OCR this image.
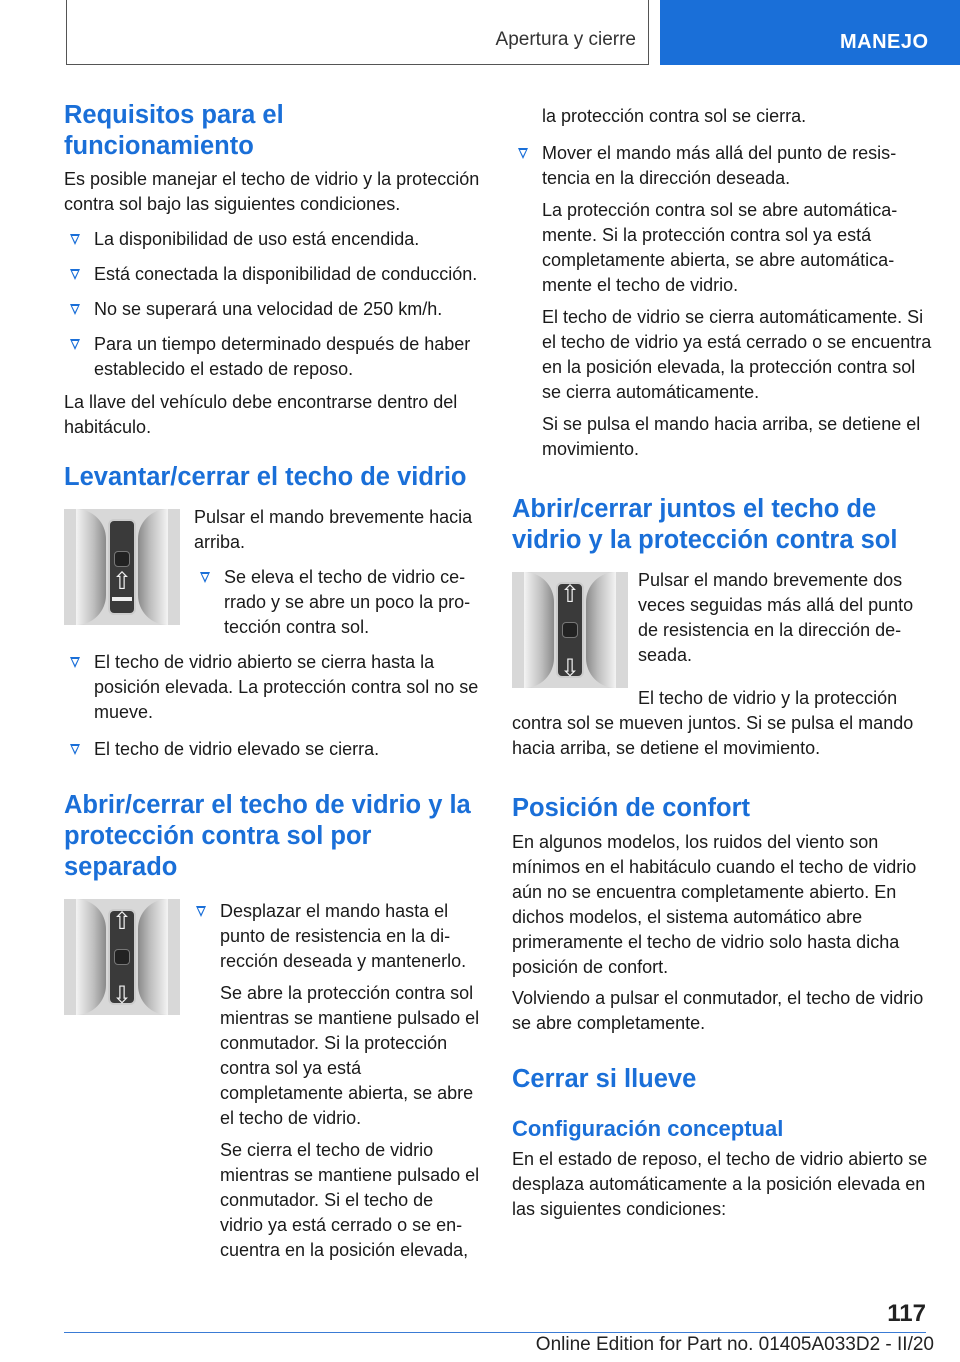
Apertura y cierre	MANEJO
Requisitos para el funcionamiento

Es posible manejar el techo de vidrio y la protección contra sol bajo las siguientes condiciones.

La disponibilidad de uso está encendida.
Está conectada la disponibilidad de conducción.
No se superará una velocidad de 250 km/h.
Para un tiempo determinado después de haber establecido el estado de reposo.

La llave del vehículo debe encontrarse dentro del habitáculo.

Levantar/cerrar el techo de vidrio
⇧

Pulsar el mando brevemente hacia arriba.

Se eleva el techo de vidrio cerrado y se abre un poco la protección contra sol.
El techo de vidrio abierto se cierra hasta la posición elevada. La protección contra sol no se mueve.
El techo de vidrio elevado se cierra.
Abrir/cerrar el techo de vidrio y la protección contra sol por separado
⇧
⇩
Desplazar el mando hasta el punto de resistencia en la dirección deseada y mantenerlo.
Se abre la protección contra sol mientras se mantiene pulsado el conmutador. Si la protección contra sol ya está completamente abierta, se abre el techo de vidrio.
Se cierra el techo de vidrio mientras se mantiene pulsado el conmutador. Si el techo de vidrio ya está cerrado o se encuentra en la posición elevada,
la protección contra sol se cierra.
Mover el mando más allá del punto de resistencia en la dirección deseada.
La protección contra sol se abre automáticamente. Si la protección contra sol ya está completamente abierta, se abre automáticamente el techo de vidrio.
El techo de vidrio se cierra automáticamente. Si el techo de vidrio ya está cerrado o se encuentra en la posición elevada, la protección contra sol se cierra automáticamente.
Si se pulsa el mando hacia arriba, se detiene el movimiento.
Abrir/cerrar juntos el techo de vidrio y la protección contra sol
⇧
⇩

Pulsar el mando brevemente dos veces seguidas más allá del punto de resistencia en la dirección deseada.

El techo de vidrio y la protección contra sol se mueven juntos. Si se pulsa el mando hacia arriba, se detiene el movimiento.

Posición de confort

En algunos modelos, los ruidos del viento son mínimos en el habitáculo cuando el techo de vidrio aún no se encuentra completamente abierto. En dichos modelos, el sistema automático abre primeramente el techo de vidrio solo hasta dicha posición de confort.

Volviendo a pulsar el conmutador, el techo de vidrio se abre completamente.

Cerrar si llueve
Configuración conceptual

En el estado de reposo, el techo de vidrio abierto se desplaza automáticamente a la posición elevada en las siguientes condiciones:

117
Online Edition for Part no. 01405A033D2 - II/20
